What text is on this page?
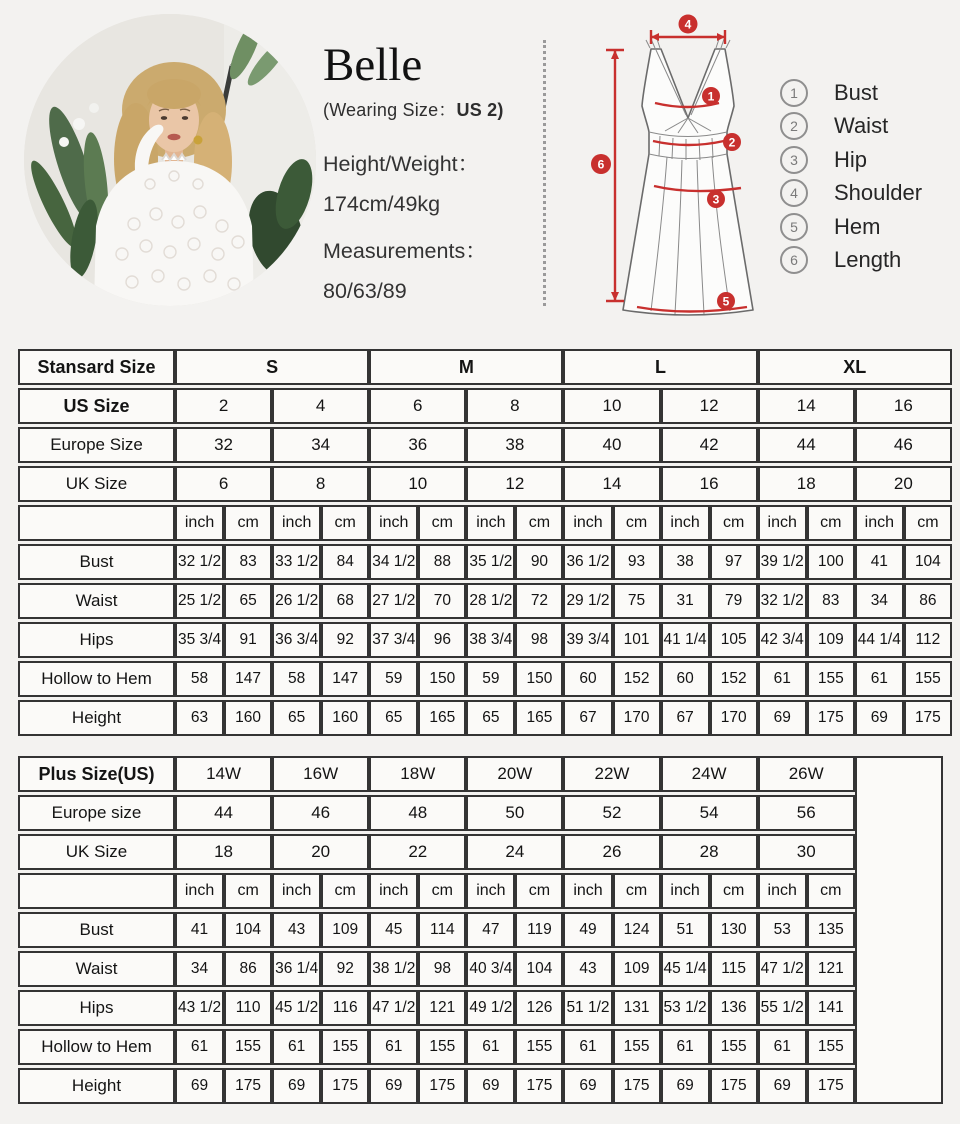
Belle
(Wearing Size：US 2)
Height/Weight：
174cm/49kg
Measurements：
80/63/89
4
1
2
3
5
6
1	Bust
2	Waist
3	Hip
4	Shoulder
5	Hem
6	Length
Stansard Size	S				M				L				XL			
US Size	2		4		6		8		10		12		14		16	
Europe Size	32		34		36		38		40		42		44		46	
UK Size	6		8		10		12		14		16		18		20	
	inch	cm	inch	cm	inch	cm	inch	cm	inch	cm	inch	cm	inch	cm	inch	cm
Bust	32 1/2	83	33 1/2	84	34 1/2	88	35 1/2	90	36 1/2	93	38	97	39 1/2	100	41	104
Waist	25 1/2	65	26 1/2	68	27 1/2	70	28 1/2	72	29 1/2	75	31	79	32 1/2	83	34	86
Hips	35 3/4	91	36 3/4	92	37 3/4	96	38 3/4	98	39 3/4	101	41 1/4	105	42 3/4	109	44 1/4	112
Hollow to Hem	58	147	58	147	59	150	59	150	60	152	60	152	61	155	61	155
Height	63	160	65	160	65	165	65	165	67	170	67	170	69	175	69	175
Plus Size(US)	14W		16W		18W		20W		22W		24W		26W		
Europe size	44		46		48		50		52		54		56		
UK Size	18		20		22		24		26		28		30		
	inch	cm	inch	cm	inch	cm	inch	cm	inch	cm	inch	cm	inch	cm	
Bust	41	104	43	109	45	114	47	119	49	124	51	130	53	135	
Waist	34	86	36 1/4	92	38 1/2	98	40 3/4	104	43	109	45 1/4	115	47 1/2	121	
Hips	43 1/2	110	45 1/2	116	47 1/2	121	49 1/2	126	51 1/2	131	53 1/2	136	55 1/2	141	
Hollow to Hem	61	155	61	155	61	155	61	155	61	155	61	155	61	155	
Height	69	175	69	175	69	175	69	175	69	175	69	175	69	175	
